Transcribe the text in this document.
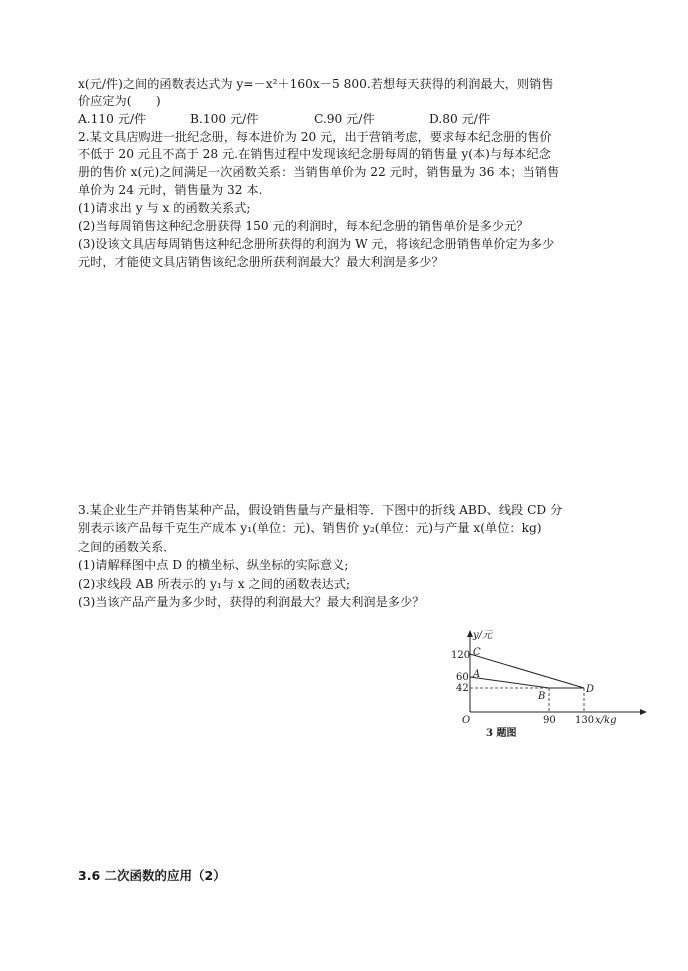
x(元/件)之间的函数表达式为 y=－x²＋160x－5 800.若想每天获得的利润最大，则销售
价应定为(　　)
A.110 元/件	B.100 元/件	C.90 元/件	D.80 元/件
2.某文具店购进一批纪念册，每本进价为 20 元，出于营销考虑，要求每本纪念册的售价
不低于 20 元且不高于 28 元.在销售过程中发现该纪念册每周的销售量 y(本)与每本纪念
册的售价 x(元)之间满足一次函数关系：当销售单价为 22 元时，销售量为 36 本；当销售
单价为 24 元时，销售量为 32 本.
(1)请求出 y 与 x 的函数关系式;
(2)当每周销售这种纪念册获得 150 元的利润时，每本纪念册的销售单价是多少元？
(3)设该文具店每周销售这种纪念册所获得的利润为 W 元，将该纪念册销售单价定为多少
元时，才能使文具店销售该纪念册所获利润最大？最大利润是多少？
3.某企业生产并销售某种产品，假设销售量与产量相等．下图中的折线 ABD、线段 CD 分
别表示该产品每千克生产成本 y₁(单位：元)、销售价 y₂(单位：元)与产量 x(单位：kg)
之间的函数关系．
(1)请解释图中点 D 的横坐标、纵坐标的实际意义;
(2)求线段 AB 所表示的 y₁与 x 之间的函数表达式;
(3)当该产品产量为多少时，获得的利润最大？最大利润是多少？
y/元
120
60
42
C
A
B
D
O	90 130 x/kg
3 题图
3.6 二次函数的应用（2）
